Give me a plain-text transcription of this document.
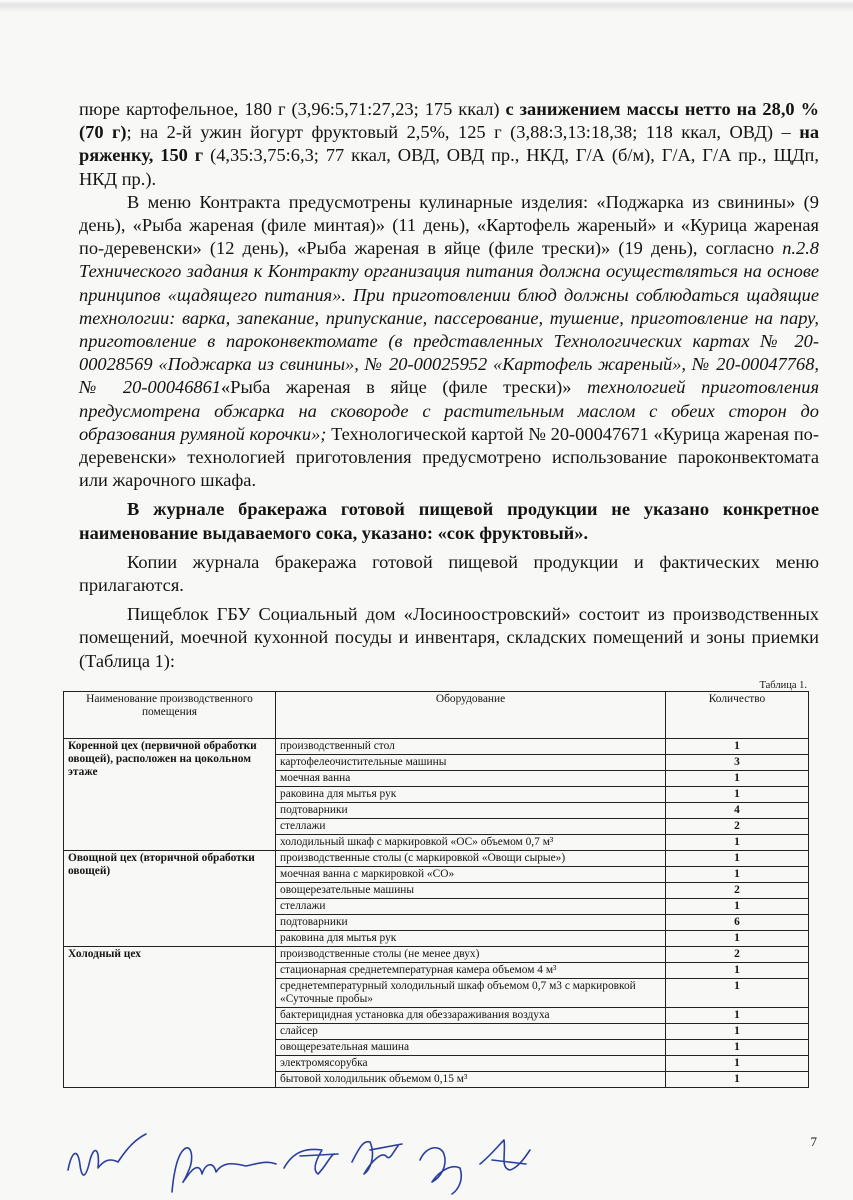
пюре картофельное, 180 г (3,96:5,71:27,23; 175 ккал) с занижением массы нетто на 28,0 % (70 г); на 2-й ужин йогурт фруктовый 2,5%, 125 г (3,88:3,13:18,38; 118 ккал, ОВД) – на ряженку, 150 г (4,35:3,75:6,3; 77 ккал, ОВД, ОВД пр., НКД, Г/А (б/м), Г/А, Г/А пр., ЩДп, НКД пр.).

В меню Контракта предусмотрены кулинарные изделия: «Поджарка из свинины» (9 день), «Рыба жареная (филе минтая)» (11 день), «Картофель жареный» и «Курица жареная по-деревенски» (12 день), «Рыба жареная в яйце (филе трески)» (19 день), согласно п.2.8 Технического задания к Контракту организация питания должна осуществляться на основе принципов «щадящего питания». При приготовлении блюд должны соблюдаться щадящие технологии: варка, запекание, припускание, пассерование, тушение, приготовление на пару, приготовление в пароконвектомате (в представленных Технологических картах № 20-00028569 «Поджарка из свинины», № 20-00025952 «Картофель жареный», № 20-00047768, № 20-00046861«Рыба жареная в яйце (филе трески)» технологией приготовления предусмотрена обжарка на сковороде с растительным маслом с обеих сторон до образования румяной корочки»; Технологической картой № 20-00047671 «Курица жареная по-деревенски» технологией приготовления предусмотрено использование пароконвектомата или жарочного шкафа.

В журнале бракеража готовой пищевой продукции не указано конкретное наименование выдаваемого сока, указано: «сок фруктовый».

Копии журнала бракеража готовой пищевой продукции и фактических меню прилагаются.

Пищеблок ГБУ Социальный дом «Лосиноостровский» состоит из производственных помещений, моечной кухонной посуды и инвентаря, складских помещений и зоны приемки (Таблица 1):

Таблица 1.
Наименование производственного помещения	Оборудование	Количество
Коренной цех (первичной обработки овощей), расположен на цокольном этаже	производственный стол	1
	картофелеочистительные машины	3
	моечная ванна	1
	раковина для мытья рук	1
	подтоварники	4
	стеллажи	2
	холодильный шкаф с маркировкой «ОС» объемом 0,7 м³	1
Овощной цех (вторичной обработки овощей)	производственные столы (с маркировкой «Овощи сырые»)	1
	моечная ванна с маркировкой «СО»	1
	овощерезательные машины	2
	стеллажи	1
	подтоварники	6
	раковина для мытья рук	1
Холодный цех	производственные столы (не менее двух)	2
	стационарная среднетемпературная камера объемом 4 м³	1
	среднетемпературный холодильный шкаф объемом 0,7 м3 с маркировкой «Суточные пробы»	1
	бактерицидная установка для обеззараживания воздуха	1
	слайсер	1
	овощерезательная машина	1
	электромясорубка	1
	бытовой холодильник объемом 0,15 м³	1
7
